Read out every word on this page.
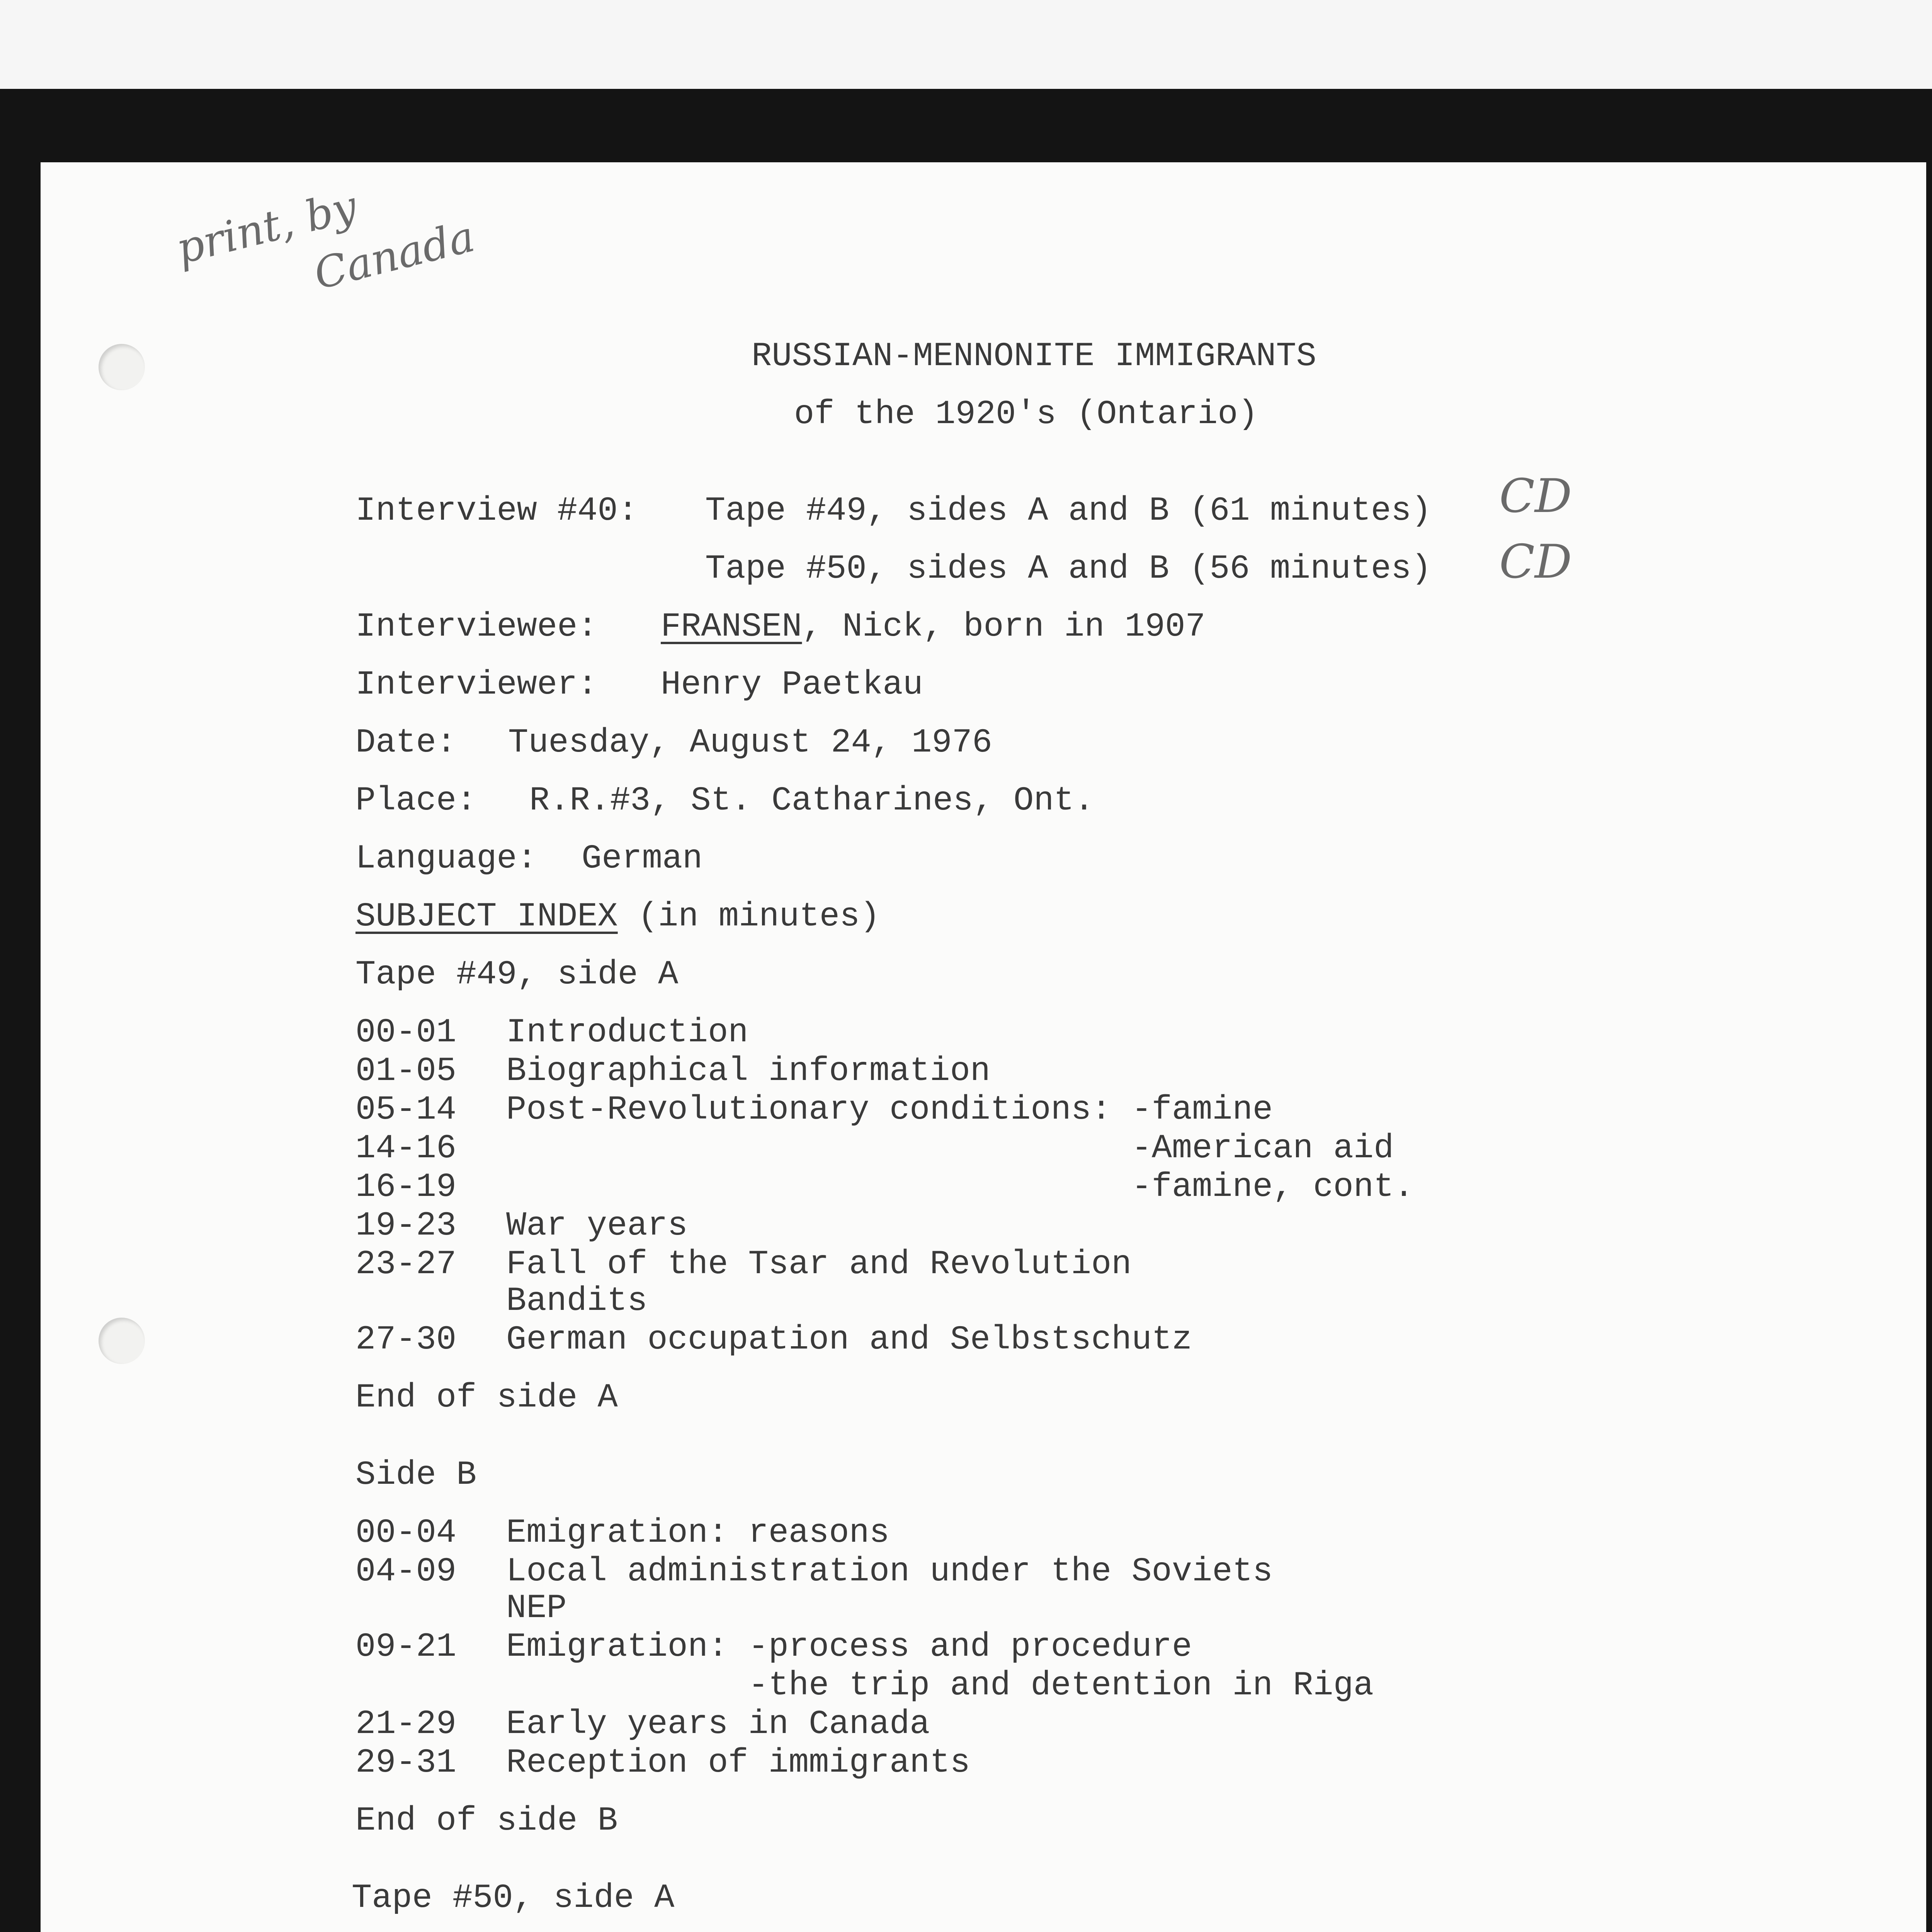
print, by
Canada
RUSSIAN-MENNONITE IMMIGRANTS
of the 1920's (Ontario)
Interview #40: Tape #49, sides A and B (61 minutes) CD
Tape #50, sides A and B (56 minutes) CD
Interviewee: FRANSEN, Nick, born in 1907
Interviewer: Henry Paetkau
Date: Tuesday, August 24, 1976
Place: R.R.#3, St. Catharines, Ont.
Language: German
SUBJECT INDEX (in minutes)
Tape #49, side A
00-01 Introduction
01-05 Biographical information
05-14 Post-Revolutionary conditions: -famine
14-16 -American aid
16-19 -famine, cont.
19-23 War years
23-27 Fall of the Tsar and Revolution
Bandits
27-30 German occupation and Selbstschutz
End of side A
Side B
00-04 Emigration: reasons
04-09 Local administration under the Soviets
NEP
09-21 Emigration: -process and procedure
-the trip and detention in Riga
21-29 Early years in Canada
29-31 Reception of immigrants
End of side B
Tape #50, side A
